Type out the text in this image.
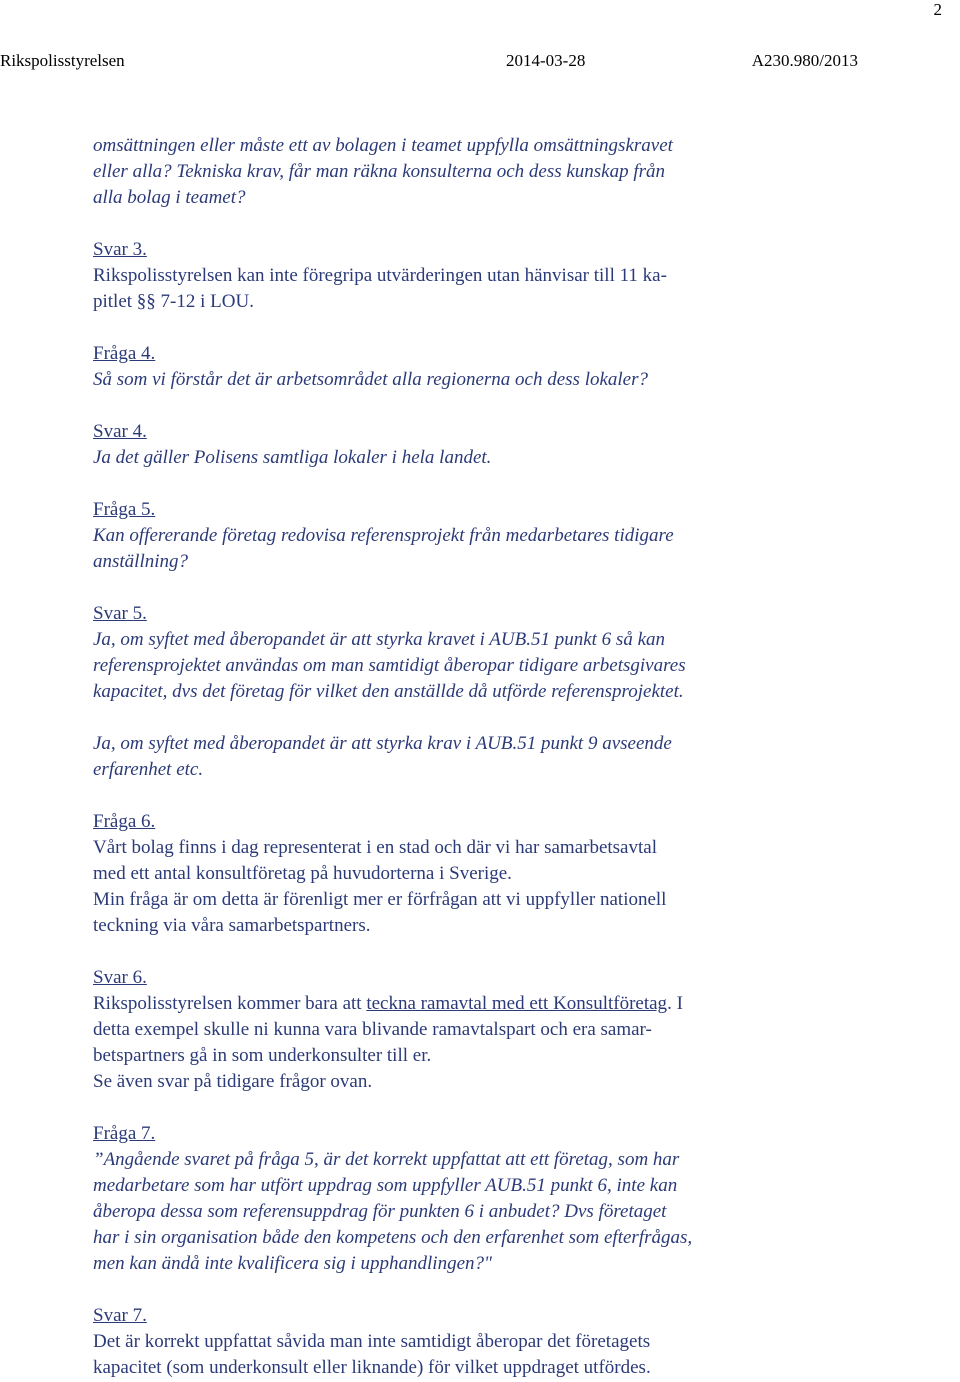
2
Rikspolisstyrelsen	2014-03-28	A230.980/2013
omsättningen eller måste ett av bolagen i teamet uppfylla omsättningskravet
eller alla? Tekniska krav, får man räkna konsulterna och dess kunskap från
alla bolag i teamet?
Svar 3.
Rikspolisstyrelsen kan inte föregripa utvärderingen utan hänvisar till 11 ka-
pitlet §§ 7-12 i LOU.
Fråga 4.
Så som vi förstår det är arbetsområdet alla regionerna och dess lokaler?
Svar 4.
Ja det gäller Polisens samtliga lokaler i hela landet.
Fråga 5.
Kan offererande företag redovisa referensprojekt från medarbetares tidigare
anställning?
Svar 5.
Ja, om syftet med åberopandet är att styrka kravet i AUB.51 punkt 6 så kan
referensprojektet användas om man samtidigt åberopar tidigare arbetsgivares
kapacitet, dvs det företag för vilket den anställde då utförde referensprojektet.
Ja, om syftet med åberopandet är att styrka krav i AUB.51 punkt 9 avseende
erfarenhet etc.
Fråga 6.
Vårt bolag finns i dag representerat i en stad och där vi har samarbetsavtal
med ett antal konsultföretag på huvudorterna i Sverige.
Min fråga är om detta är förenligt mer er förfrågan att vi uppfyller nationell
teckning via våra samarbetspartners.
Svar 6.
Rikspolisstyrelsen kommer bara att teckna ramavtal med ett Konsultföretag. I
detta exempel skulle ni kunna vara blivande ramavtalspart och era samar-
betspartners gå in som underkonsulter till er.
Se även svar på tidigare frågor ovan.
Fråga 7.
”Angående svaret på fråga 5, är det korrekt uppfattat att ett företag, som har
medarbetare som har utfört uppdrag som uppfyller AUB.51 punkt 6, inte kan
åberopa dessa som referensuppdrag för punkten 6 i anbudet? Dvs företaget
har i sin organisation både den kompetens och den erfarenhet som efterfrågas,
men kan ändå inte kvalificera sig i upphandlingen?"
Svar 7.
Det är korrekt uppfattat såvida man inte samtidigt åberopar det företagets
kapacitet (som underkonsult eller liknande) för vilket uppdraget utfördes.
